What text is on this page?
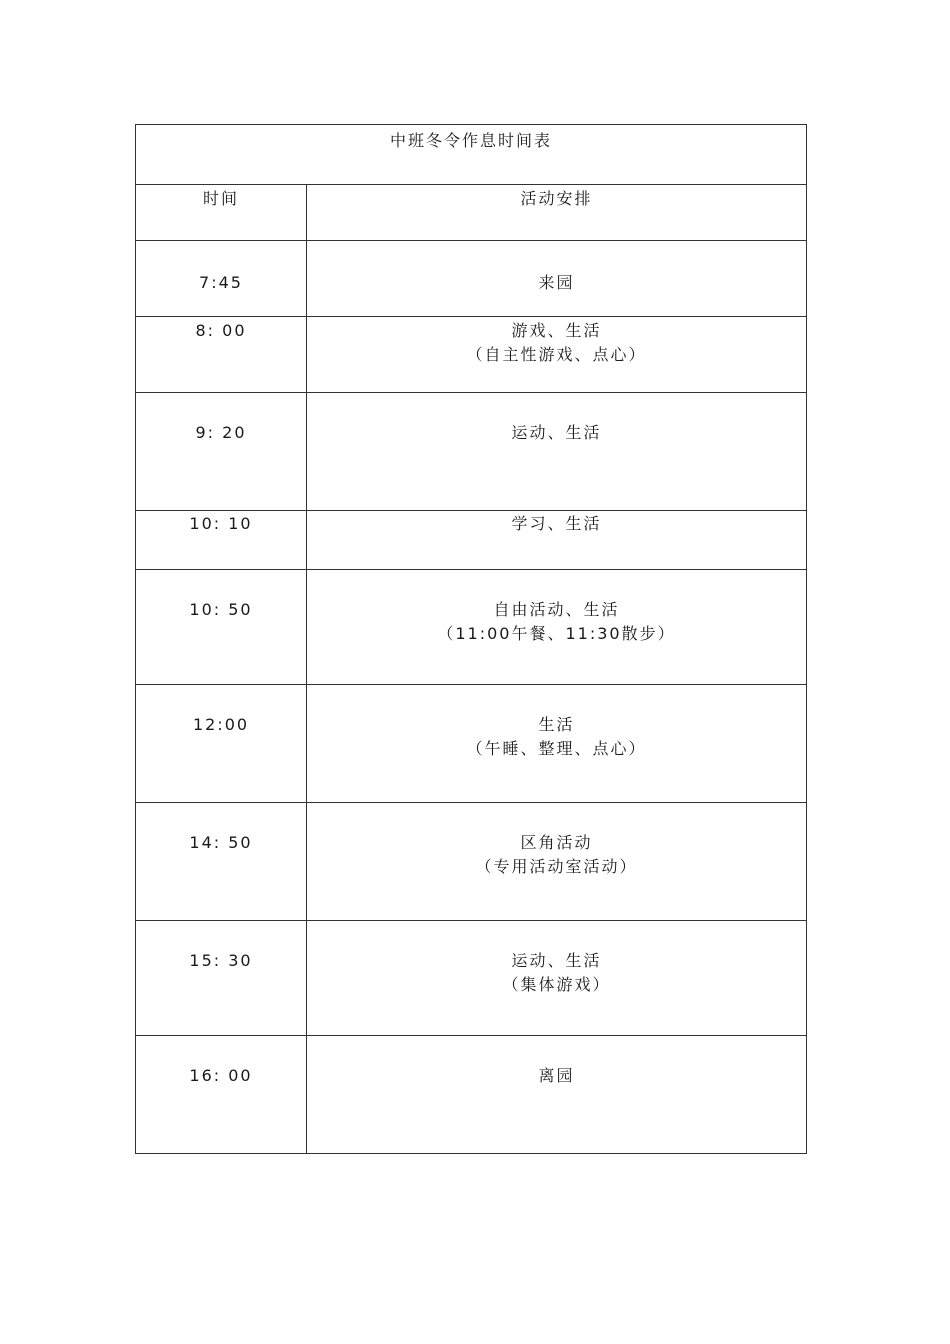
中班冬令作息时间表	
时间	活动安排
7:45	来园

8: 00	游戏、生活
（自主性游戏、点心）

9: 20	运动、生活

10: 10	学习、生活

10: 50	自由活动、生活
（11:00午餐、11:30散步）

12:00	生活
（午睡、整理、点心）

14: 50	区角活动
（专用活动室活动）

15: 30	运动、生活
（集体游戏）

16: 00	离园
